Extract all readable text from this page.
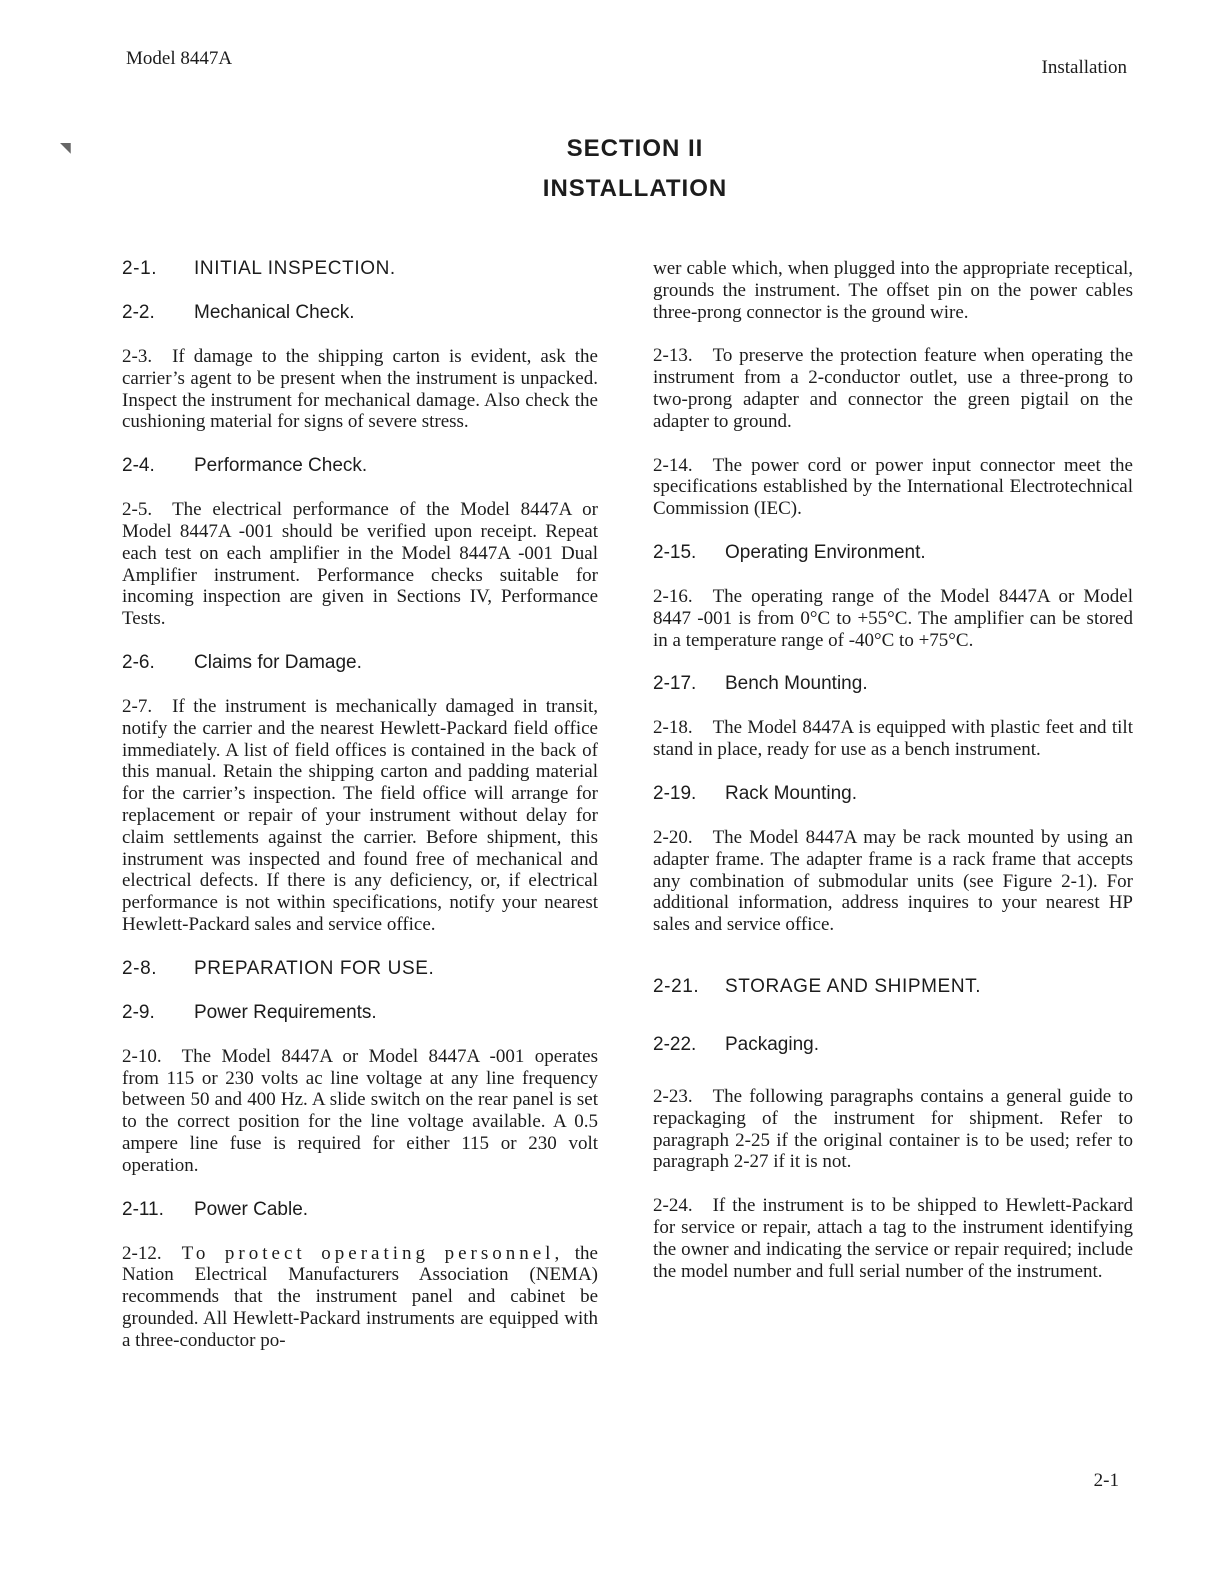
Model 8447A	Installation
SECTION II
INSTALLATION
◥
2-1. INITIAL INSPECTION.
2-2. Mechanical Check.
2-3. If damage to the shipping carton is evident, ask the carrier’s agent to be present when the instrument is unpacked. Inspect the instrument for mechanical damage. Also check the cushioning material for signs of severe stress.
2-4. Performance Check.
2-5. The electrical performance of the Model 8447A or Model 8447A -001 should be verified upon receipt. Repeat each test on each amplifier in the Model 8447A -001 Dual Amplifier instrument. Performance checks suitable for incoming inspection are given in Sections IV, Performance Tests.
2-6. Claims for Damage.
2-7. If the instrument is mechanically damaged in transit, notify the carrier and the nearest Hewlett-Packard field office immediately. A list of field offices is contained in the back of this manual. Retain the shipping carton and padding material for the carrier’s inspection. The field office will arrange for replacement or repair of your instrument without delay for claim settlements against the carrier. Before shipment, this instrument was inspected and found free of mechanical and electrical defects. If there is any deficiency, or, if electrical performance is not within specifications, notify your nearest Hewlett-Packard sales and service office.
2-8. PREPARATION FOR USE.
2-9. Power Requirements.
2-10. The Model 8447A or Model 8447A -001 operates from 115 or 230 volts ac line voltage at any line frequency between 50 and 400 Hz. A slide switch on the rear panel is set to the correct position for the line voltage available. A 0.5 ampere line fuse is required for either 115 or 230 volt operation.
2-11. Power Cable.
2-12. To protect operating personnel, the Nation Electrical Manufacturers Association (NEMA) recommends that the instrument panel and cabinet be grounded. All Hewlett-Packard instruments are equipped with a three-conductor po-
wer cable which, when plugged into the appropriate receptical, grounds the instrument. The offset pin on the power cables three-prong connector is the ground wire.
2-13. To preserve the protection feature when operating the instrument from a 2-conductor outlet, use a three-prong to two-prong adapter and connector the green pigtail on the adapter to ground.
2-14. The power cord or power input connector meet the specifications established by the International Electrotechnical Commission (IEC).
2-15. Operating Environment.
2-16. The operating range of the Model 8447A or Model 8447 -001 is from 0°C to +55°C. The amplifier can be stored in a temperature range of -40°C to +75°C.
2-17. Bench Mounting.
2-18. The Model 8447A is equipped with plastic feet and tilt stand in place, ready for use as a bench instrument.
2-19. Rack Mounting.
2-20. The Model 8447A may be rack mounted by using an adapter frame. The adapter frame is a rack frame that accepts any combination of submodular units (see Figure 2-1). For additional information, address inquires to your nearest HP sales and service office.
2-21. STORAGE AND SHIPMENT.
2-22. Packaging.
2-23. The following paragraphs contains a general guide to repackaging of the instrument for shipment. Refer to paragraph 2-25 if the original container is to be used; refer to paragraph 2-27 if it is not.
2-24. If the instrument is to be shipped to Hewlett-Packard for service or repair, attach a tag to the instrument identifying the owner and indicating the service or repair required; include the model number and full serial number of the instrument.
2-1
